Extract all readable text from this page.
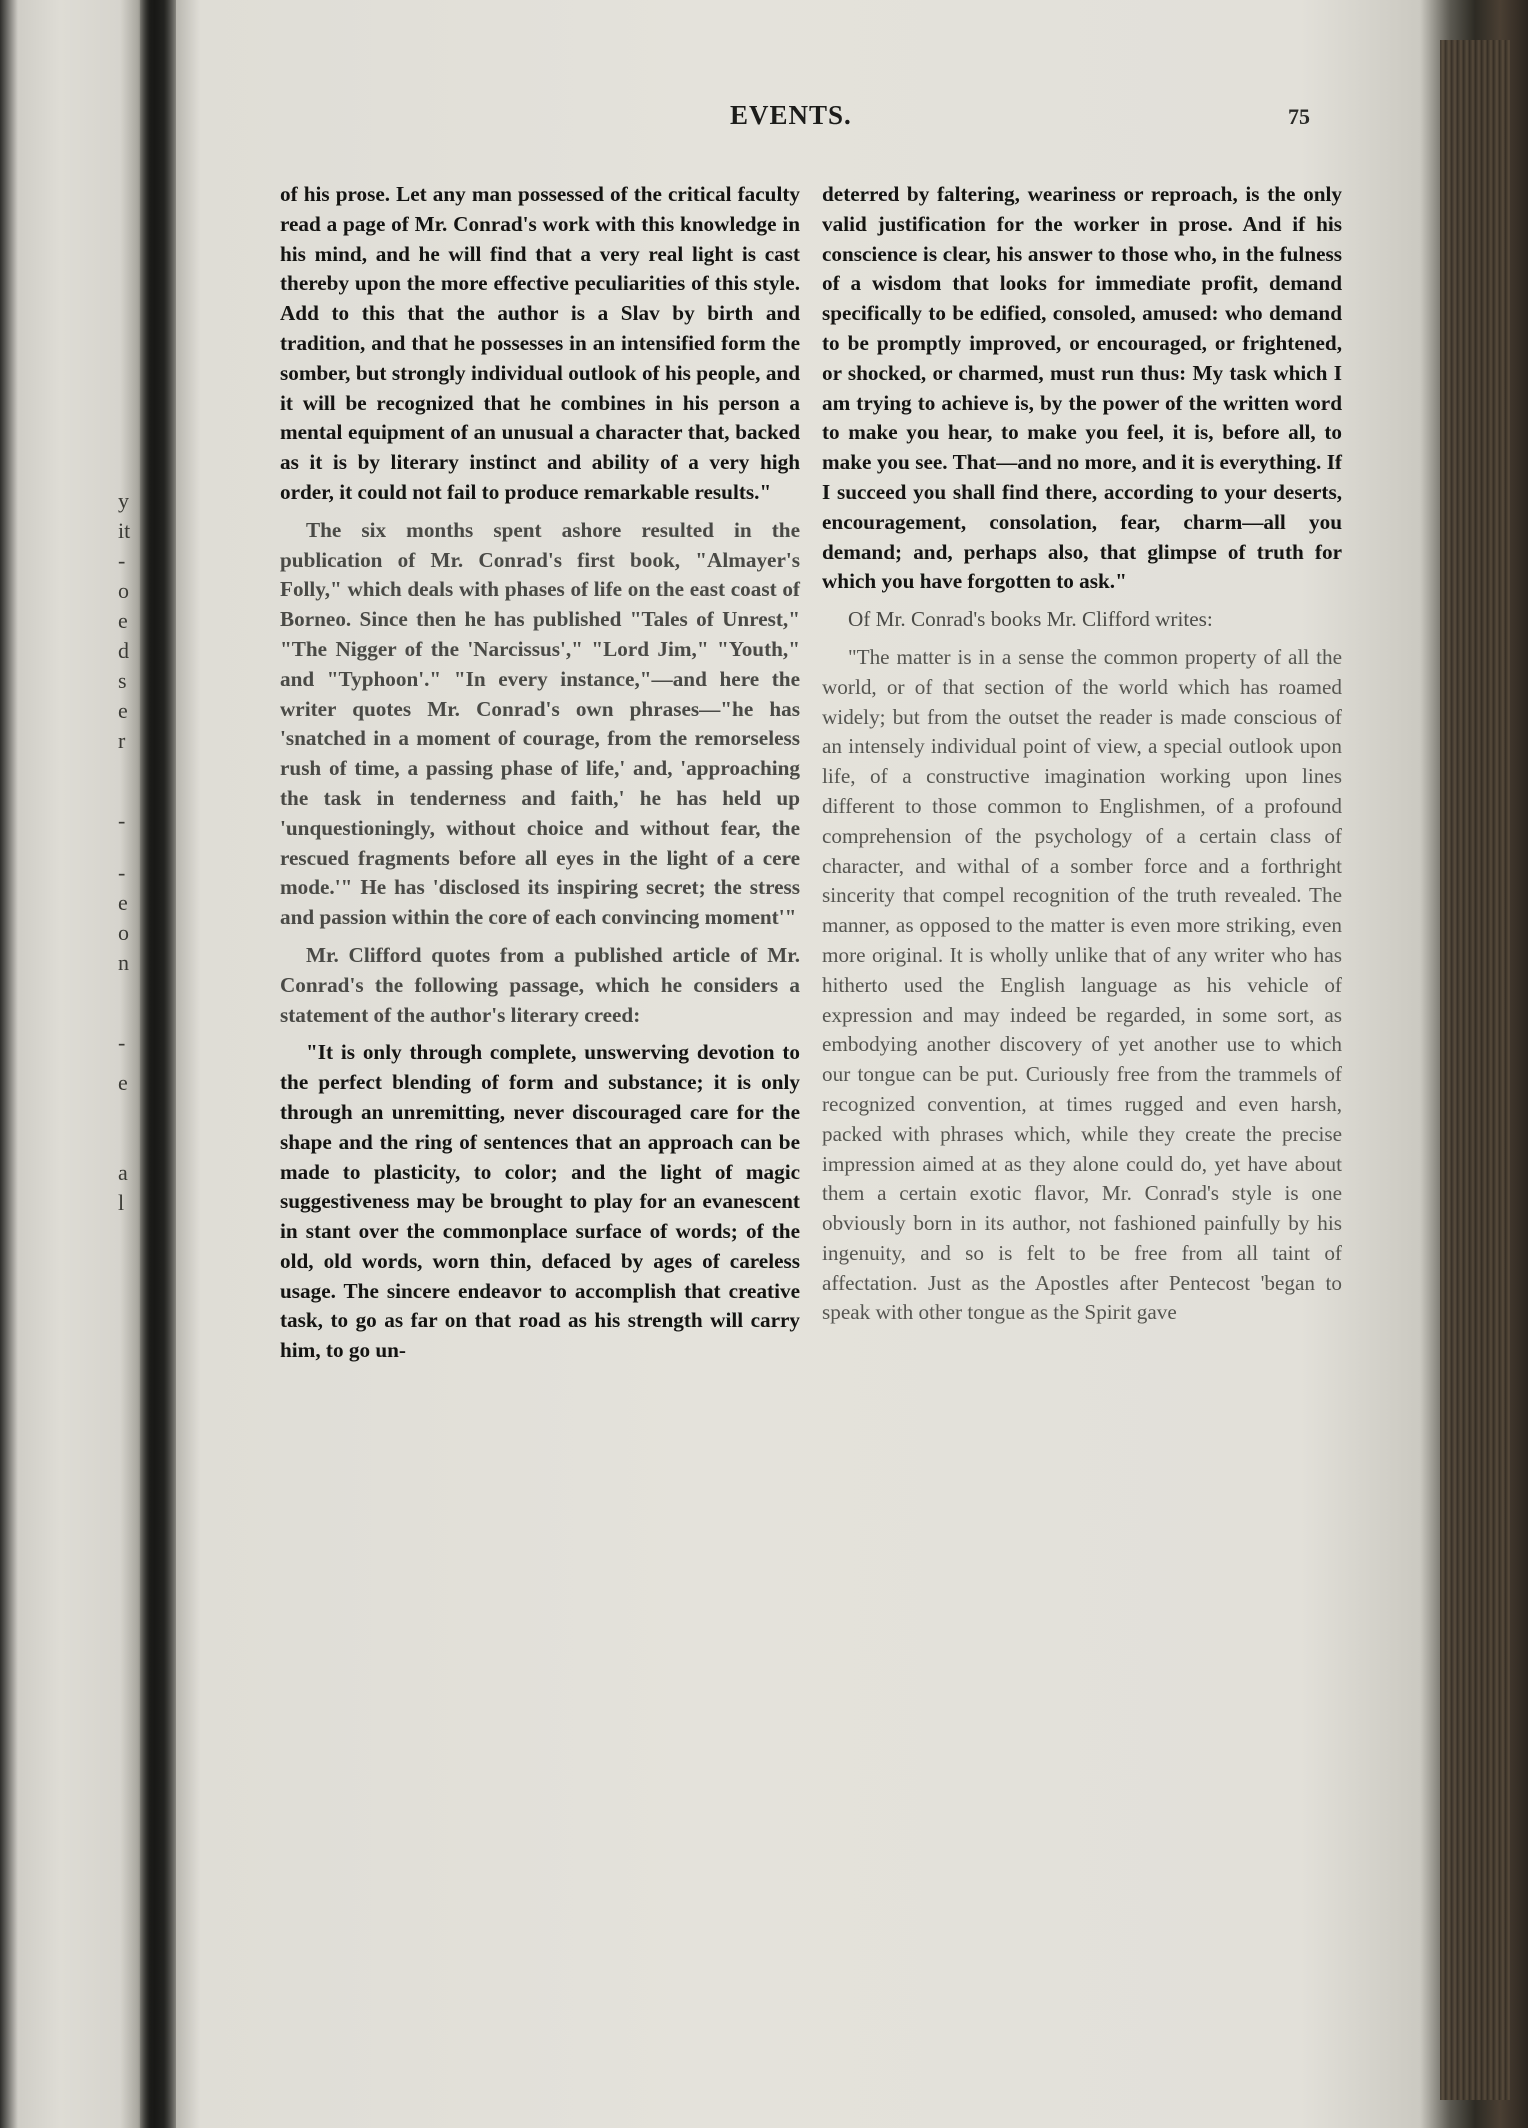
y
it
-
o
e
d
s
e
r
-
-
e
o
n
-
e
a
l
EVENTS.	75

of his prose. Let any man possessed of the critical faculty read a page of Mr. Conrad's work with this knowledge in his mind, and he will find that a very real light is cast thereby upon the more effective peculiarities of this style. Add to this that the author is a Slav by birth and tradition, and that he possesses in an intensified form the somber, but strongly individual outlook of his people, and it will be recognized that he combines in his person a mental equipment of an unusual a character that, backed as it is by literary instinct and ability of a very high order, it could not fail to produce remarkable results."

The six months spent ashore resulted in the publication of Mr. Conrad's first book, "Almayer's Folly," which deals with phases of life on the east coast of Borneo. Since then he has published "Tales of Unrest," "The Nigger of the 'Narcissus'," "Lord Jim," "Youth," and "Typhoon'." "In every instance,"—and here the writer quotes Mr. Conrad's own phrases—"he has 'snatched in a moment of courage, from the remorseless rush of time, a passing phase of life,' and, 'approaching the task in tenderness and faith,' he has held up 'unquestioningly, without choice and without fear, the rescued fragments before all eyes in the light of a cere mode.'" He has 'disclosed its inspiring secret; the stress and passion within the core of each convincing moment'"

Mr. Clifford quotes from a published article of Mr. Conrad's the following passage, which he considers a statement of the author's literary creed:

"It is only through complete, unswerving devotion to the perfect blending of form and substance; it is only through an unremitting, never discouraged care for the shape and the ring of sentences that an approach can be made to plasticity, to color; and the light of magic suggestiveness may be brought to play for an evanescent in stant over the commonplace surface of words; of the old, old words, worn thin, defaced by ages of careless usage. The sincere endeavor to accomplish that creative task, to go as far on that road as his strength will carry him, to go un-

deterred by faltering, weariness or reproach, is the only valid justification for the worker in prose. And if his conscience is clear, his answer to those who, in the fulness of a wisdom that looks for immediate profit, demand specifically to be edified, consoled, amused: who demand to be promptly improved, or encouraged, or frightened, or shocked, or charmed, must run thus: My task which I am trying to achieve is, by the power of the written word to make you hear, to make you feel, it is, before all, to make you see. That—and no more, and it is everything. If I succeed you shall find there, according to your deserts, encouragement, consolation, fear, charm—all you demand; and, perhaps also, that glimpse of truth for which you have forgotten to ask."

Of Mr. Conrad's books Mr. Clifford writes:

"The matter is in a sense the common property of all the world, or of that section of the world which has roamed widely; but from the outset the reader is made conscious of an intensely individual point of view, a special outlook upon life, of a constructive imagination working upon lines different to those common to Englishmen, of a profound comprehension of the psychology of a certain class of character, and withal of a somber force and a forthright sincerity that compel recognition of the truth revealed. The manner, as opposed to the matter is even more striking, even more original. It is wholly unlike that of any writer who has hitherto used the English language as his vehicle of expression and may indeed be regarded, in some sort, as embodying another discovery of yet another use to which our tongue can be put. Curiously free from the trammels of recognized convention, at times rugged and even harsh, packed with phrases which, while they create the precise impression aimed at as they alone could do, yet have about them a certain exotic flavor, Mr. Conrad's style is one obviously born in its author, not fashioned painfully by his ingenuity, and so is felt to be free from all taint of affectation. Just as the Apostles after Pentecost 'began to speak with other tongue as the Spirit gave
